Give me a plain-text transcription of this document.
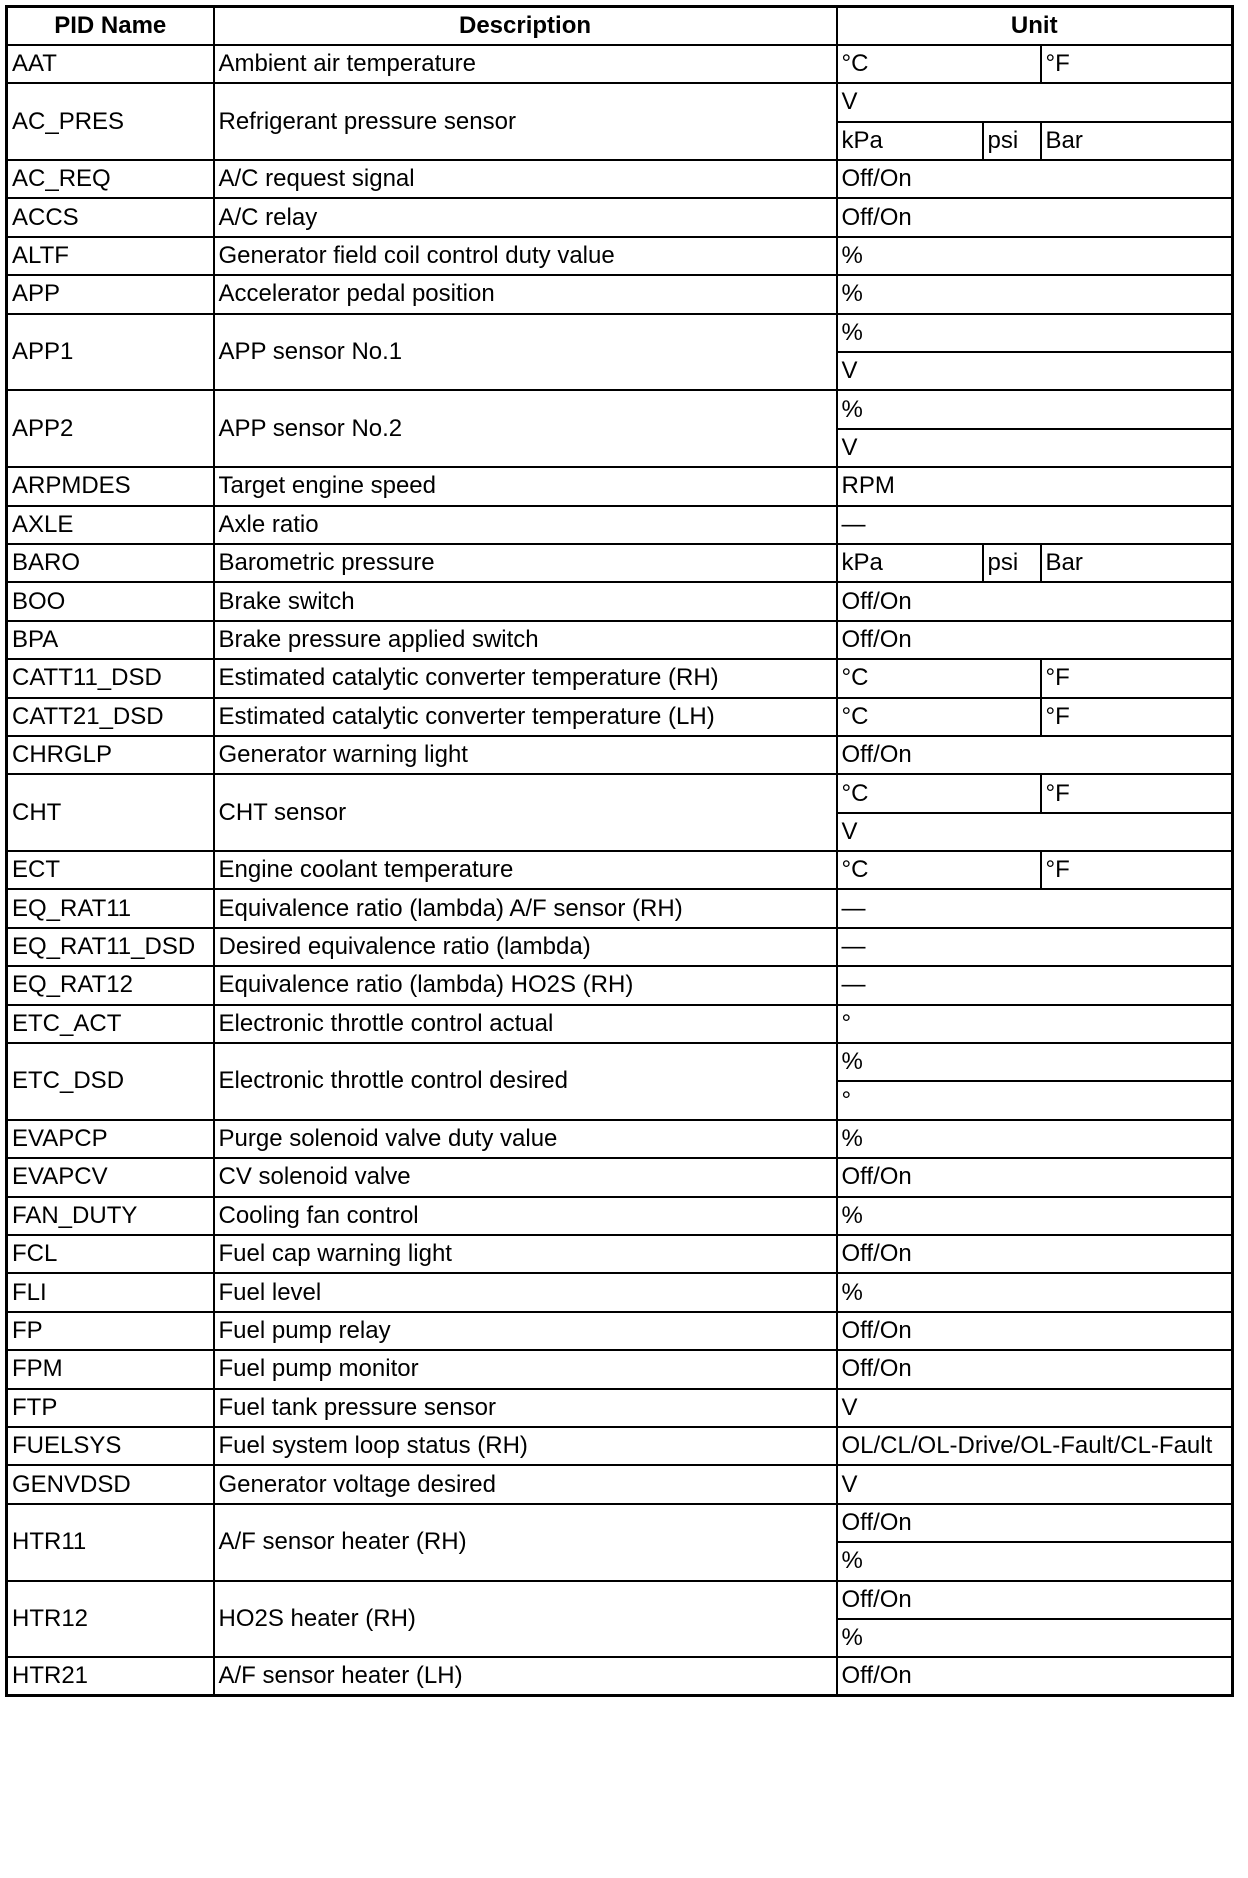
PID Name	Description	Unit		
AAT	Ambient air temperature	°C		°F
AC_PRES	Refrigerant pressure sensor	V		
		kPa	psi	Bar
AC_REQ	A/C request signal	Off/On		
ACCS	A/C relay	Off/On		
ALTF	Generator field coil control duty value	%		
APP	Accelerator pedal position	%		
APP1	APP sensor No.1	%		
		V		
APP2	APP sensor No.2	%		
		V		
ARPMDES	Target engine speed	RPM		
AXLE	Axle ratio	—		
BARO	Barometric pressure	kPa	psi	Bar
BOO	Brake switch	Off/On		
BPA	Brake pressure applied switch	Off/On		
CATT11_DSD	Estimated catalytic converter temperature (RH)	°C		°F
CATT21_DSD	Estimated catalytic converter temperature (LH)	°C		°F
CHRGLP	Generator warning light	Off/On		
CHT	CHT sensor	°C		°F
		V		
ECT	Engine coolant temperature	°C		°F
EQ_RAT11	Equivalence ratio (lambda) A/F sensor (RH)	—		
EQ_RAT11_DSD	Desired equivalence ratio (lambda)	—		
EQ_RAT12	Equivalence ratio (lambda) HO2S (RH)	—		
ETC_ACT	Electronic throttle control actual	°		
ETC_DSD	Electronic throttle control desired	%		
		°		
EVAPCP	Purge solenoid valve duty value	%		
EVAPCV	CV solenoid valve	Off/On		
FAN_DUTY	Cooling fan control	%		
FCL	Fuel cap warning light	Off/On		
FLI	Fuel level	%		
FP	Fuel pump relay	Off/On		
FPM	Fuel pump monitor	Off/On		
FTP	Fuel tank pressure sensor	V		
FUELSYS	Fuel system loop status (RH)	OL/CL/OL-Drive/OL-Fault/CL-Fault		
GENVDSD	Generator voltage desired	V		
HTR11	A/F sensor heater (RH)	Off/On		
		%		
HTR12	HO2S heater (RH)	Off/On		
		%		
HTR21	A/F sensor heater (LH)	Off/On		
